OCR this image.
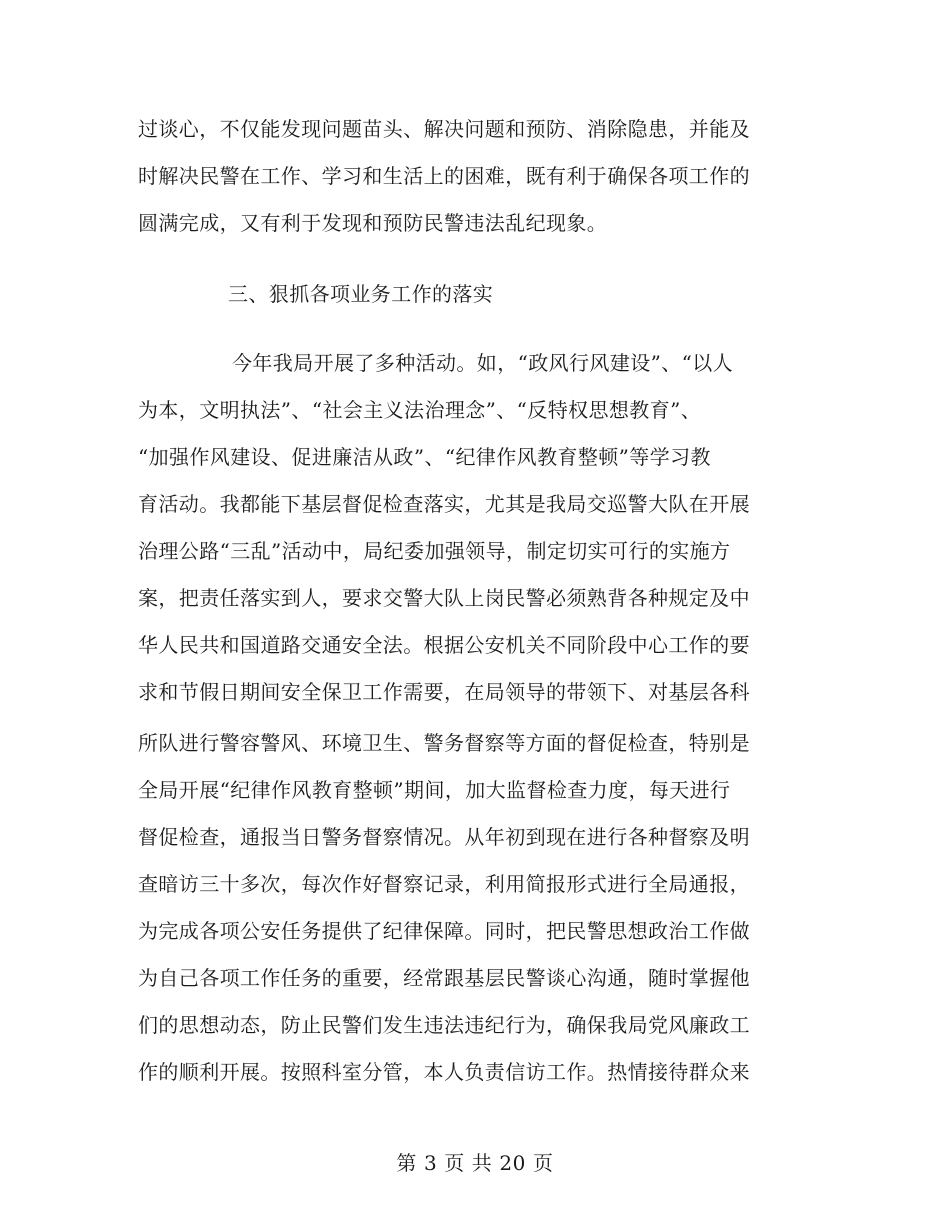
过谈心，不仅能发现问题苗头、解决问题和预防、消除隐患，并能及
时解决民警在工作、学习和生活上的困难，既有利于确保各项工作的
圆满完成，又有利于发现和预防民警违法乱纪现象。
三、狠抓各项业务工作的落实
今年我局开展了多种活动。如，“政风行风建设”、“以人
为本，文明执法”、“社会主义法治理念”、“反特权思想教育”、
“加强作风建设、促进廉洁从政”、“纪律作风教育整顿”等学习教
育活动。我都能下基层督促检查落实，尤其是我局交巡警大队在开展
治理公路“三乱”活动中，局纪委加强领导，制定切实可行的实施方
案，把责任落实到人，要求交警大队上岗民警必须熟背各种规定及中
华人民共和国道路交通安全法。根据公安机关不同阶段中心工作的要
求和节假日期间安全保卫工作需要，在局领导的带领下、对基层各科
所队进行警容警风、环境卫生、警务督察等方面的督促检查，特别是
全局开展“纪律作风教育整顿”期间，加大监督检查力度，每天进行
督促检查，通报当日警务督察情况。从年初到现在进行各种督察及明
查暗访三十多次，每次作好督察记录，利用简报形式进行全局通报，
为完成各项公安任务提供了纪律保障。同时，把民警思想政治工作做
为自己各项工作任务的重要，经常跟基层民警谈心沟通，随时掌握他
们的思想动态，防止民警们发生违法违纪行为，确保我局党风廉政工
作的顺利开展。按照科室分管，本人负责信访工作。热情接待群众来
第 3 页 共 20 页
